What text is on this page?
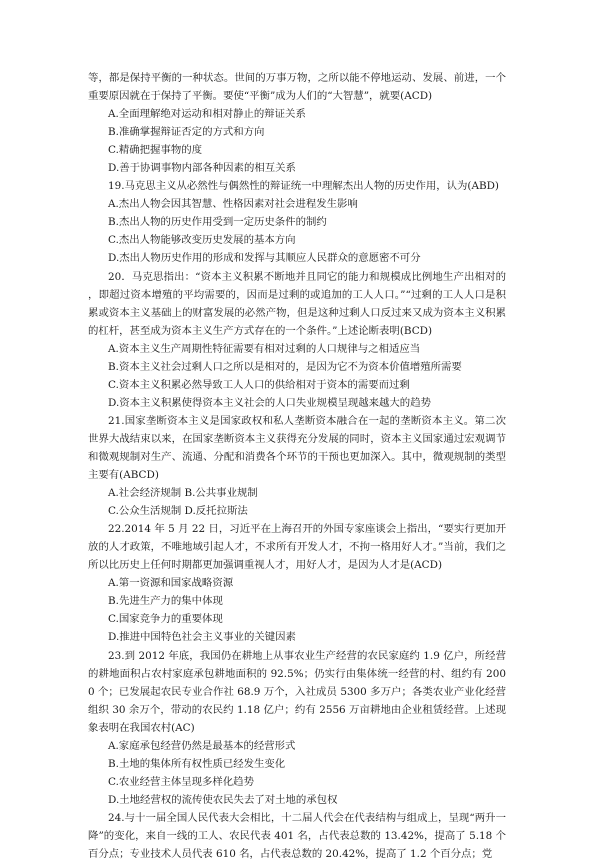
等，都是保持平衡的一种状态。世间的万事万物，之所以能不停地运动、发展、前进，一个重要原因就在于保持了平衡。要使“平衡”成为人们的“大智慧”，就要(ACD)

A.全面理解绝对运动和相对静止的辩证关系

B.准确掌握辩证否定的方式和方向

C.精确把握事物的度

D.善于协调事物内部各种因素的相互关系

19.马克思主义从必然性与偶然性的辩证统一中理解杰出人物的历史作用，认为(ABD)

A.杰出人物会因其智慧、性格因素对社会进程发生影响

B.杰出人物的历史作用受到一定历史条件的制约

C.杰出人物能够改变历史发展的基本方向

D.杰出人物历史作用的形成和发挥与其顺应人民群众的意愿密不可分

20．马克思指出：“资本主义积累不断地并且同它的能力和规模成比例地生产出相对的，即超过资本增殖的平均需要的，因而是过剩的或追加的工人人口。”“过剩的工人人口是积累或资本主义基础上的财富发展的必然产物，但是这种过剩人口反过来又成为资本主义积累的杠杆，甚至成为资本主义生产方式存在的一个条件。”上述论断表明(BCD)

A.资本主义生产周期性特征需要有相对过剩的人口规律与之相适应当

B.资本主义社会过剩人口之所以是相对的，是因为它不为资本价值增殖所需要

C.资本主义积累必然导致工人人口的供给相对于资本的需要而过剩

D.资本主义积累使得资本主义社会的人口失业规模呈现越来越大的趋势

21.国家垄断资本主义是国家政权和私人垄断资本融合在一起的垄断资本主义。第二次世界大战结束以来，在国家垄断资本主义获得充分发展的同时，资本主义国家通过宏观调节和微观规制对生产、流通、分配和消费各个环节的干预也更加深入。其中，微观规制的类型主要有(ABCD)

A.社会经济规制 B.公共事业规制

C.公众生活规制 D.反托拉斯法

22.2014 年 5 月 22 日，习近平在上海召开的外国专家座谈会上指出，“要实行更加开放的人才政策，不唯地域引起人才，不求所有开发人才，不拘一格用好人才。”当前，我们之所以比历史上任何时期都更加强调重视人才，用好人才，是因为人才是(ACD)

A.第一资源和国家战略资源

B.先进生产力的集中体现

C.国家竞争力的重要体现

D.推进中国特色社会主义事业的关键因素

23.到 2012 年底，我国仍在耕地上从事农业生产经营的农民家庭约 1.9 亿户，所经营的耕地面积占农村家庭承包耕地面积的 92.5%；仍实行由集体统一经营的村、组约有 2000 个；已发展起农民专业合作社 68.9 万个，入社成员 5300 多万户；各类农业产业化经营组织 30 余万个，带动的农民约 1.18 亿户；约有 2556 万亩耕地由企业租赁经营。上述现象表明在我国农村(AC)

A.家庭承包经营仍然是最基本的经营形式

B.土地的集体所有权性质已经发生变化

C.农业经营主体呈现多样化趋势

D.土地经营权的流传使农民失去了对土地的承包权

24.与十一届全国人民代表大会相比，十二届人代会在代表结构与组成上，呈现“两升一降”的变化，来自一线的工人、农民代表 401 名，占代表总数的 13.42%，提高了 5.18 个百分点；专业技术人员代表 610 名，占代表总数的 20.42%，提高了 1.2 个百分点；党
